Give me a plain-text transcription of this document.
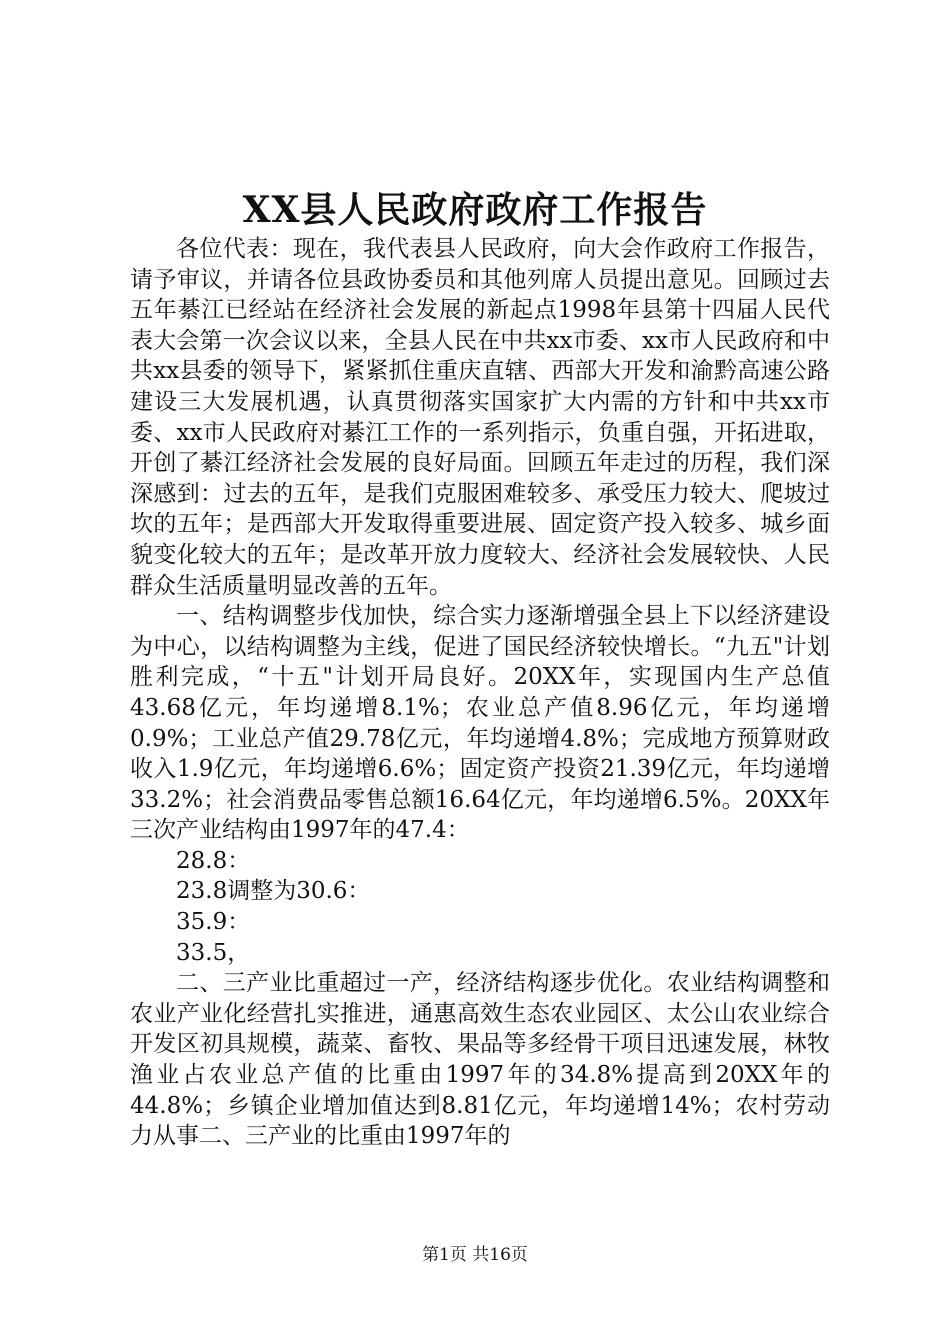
XX县人民政府政府工作报告

各位代表：现在，我代表县人民政府，向大会作政府工作报告，请予审议，并请各位县政协委员和其他列席人员提出意见。回顾过去五年綦江已经站在经济社会发展的新起点1998年县第十四届人民代表大会第一次会议以来，全县人民在中共xx市委、xx市人民政府和中共xx县委的领导下，紧紧抓住重庆直辖、西部大开发和渝黔高速公路建设三大发展机遇，认真贯彻落实国家扩大内需的方针和中共xx市委、xx市人民政府对綦江工作的一系列指示，负重自强，开拓进取，开创了綦江经济社会发展的良好局面。回顾五年走过的历程，我们深深感到：过去的五年，是我们克服困难较多、承受压力较大、爬坡过坎的五年；是西部大开发取得重要进展、固定资产投入较多、城乡面貌变化较大的五年；是改革开放力度较大、经济社会发展较快、人民群众生活质量明显改善的五年。

一、结构调整步伐加快，综合实力逐渐增强全县上下以经济建设为中心，以结构调整为主线，促进了国民经济较快增长。“九五"计划胜利完成，“十五"计划开局良好。20XX年，实现国内生产总值43.68亿元，年均递增8.1%；农业总产值8.96亿元，年均递增0.9%；工业总产值29.78亿元，年均递增4.8%；完成地方预算财政收入1.9亿元，年均递增6.6%；固定资产投资21.39亿元，年均递增33.2%；社会消费品零售总额16.64亿元，年均递增6.5%。20XX年三次产业结构由1997年的47.4：

28.8：

23.8调整为30.6：

35.9：

33.5，

二、三产业比重超过一产，经济结构逐步优化。农业结构调整和农业产业化经营扎实推进，通惠高效生态农业园区、太公山农业综合开发区初具规模，蔬菜、畜牧、果品等多经骨干项目迅速发展，林牧渔业占农业总产值的比重由1997年的34.8%提高到20XX年的44.8%；乡镇企业增加值达到8.81亿元，年均递增14%；农村劳动力从事二、三产业的比重由1997年的

第1页 共16页
